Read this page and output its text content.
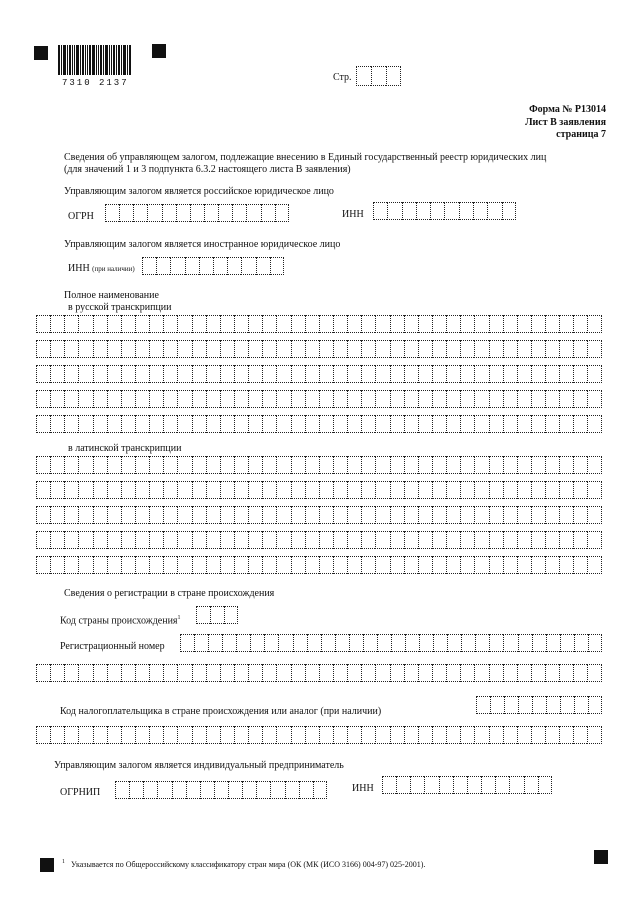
7310 2137	Стр.
Форма № Р13014
Лист В заявления
страница 7
Сведения об управляющем залогом, подлежащие внесению в Единый государственный реестр юридических лиц
(для значений 1 и 3 подпункта 6.3.2 настоящего листа В заявления)
Управляющим залогом является российское юридическое лицо
ОГРН	ИНН
Управляющим залогом является иностранное юридическое лицо
ИНН (при наличии)
Полное наименование
в русской транскрипции
в латинской транскрипции
Сведения о регистрации в стране происхождения
Код страны происхождения$^1$
Регистрационный номер
Код налогоплательщика в стране происхождения или аналог (при наличии)
Управляющим залогом является индивидуальный предприниматель
ОГРНИП	ИНН
$^1$ Указывается по Общероссийскому классификатору стран мира (ОК (МК (ИСО 3166) 004-97) 025-2001).
